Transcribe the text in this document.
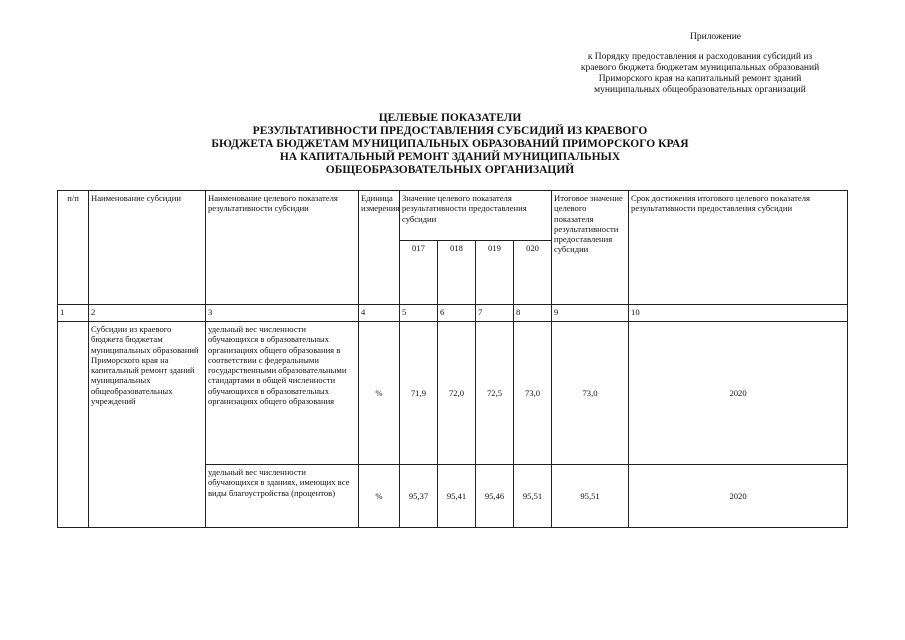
Приложение
к Порядку предоставления и расходования субсидий из
краевого бюджета бюджетам муниципальных образований
Приморского края на капитальный ремонт зданий
муниципальных общеобразовательных организаций
ЦЕЛЕВЫЕ ПОКАЗАТЕЛИ
РЕЗУЛЬТАТИВНОСТИ ПРЕДОСТАВЛЕНИЯ СУБСИДИЙ ИЗ КРАЕВОГО
БЮДЖЕТА БЮДЖЕТАМ МУНИЦИПАЛЬНЫХ ОБРАЗОВАНИЙ ПРИМОРСКОГО КРАЯ
НА КАПИТАЛЬНЫЙ РЕМОНТ ЗДАНИЙ МУНИЦИПАЛЬНЫХ
ОБЩЕОБРАЗОВАТЕЛЬНЫХ ОРГАНИЗАЦИЙ
п/п	Наименование субсидии	Наименование целевого показателя результативности субсидии	Единица измерения	Значение целевого показателя результативности предоставления субсидии				Итоговое значение целевого показателя результативности предоставления субсидии	Срок достижения итогового целевого показателя результативности предоставления субсидии
				017	018	019	020		
1	2	3	4	5	6	7	8	9	10
	Субсидии из краевого бюджета бюджетам муниципальных образований Приморского края на капитальный ремонт зданий муниципальных общеобразовательных учреждений	удельный вес численности обучающихся в образовательных организациях общего образования в соответствии с федеральными государственными образовательными стандартами в общей численности обучающихся в образовательных организациях общего образования	%	71,9	72,0	72,5	73,0	73,0	2020
		удельный вес численности обучающихся в зданиях, имеющих все виды благоустройства (процентов)	%	95,37	95,41	95,46	95,51	95,51	2020
